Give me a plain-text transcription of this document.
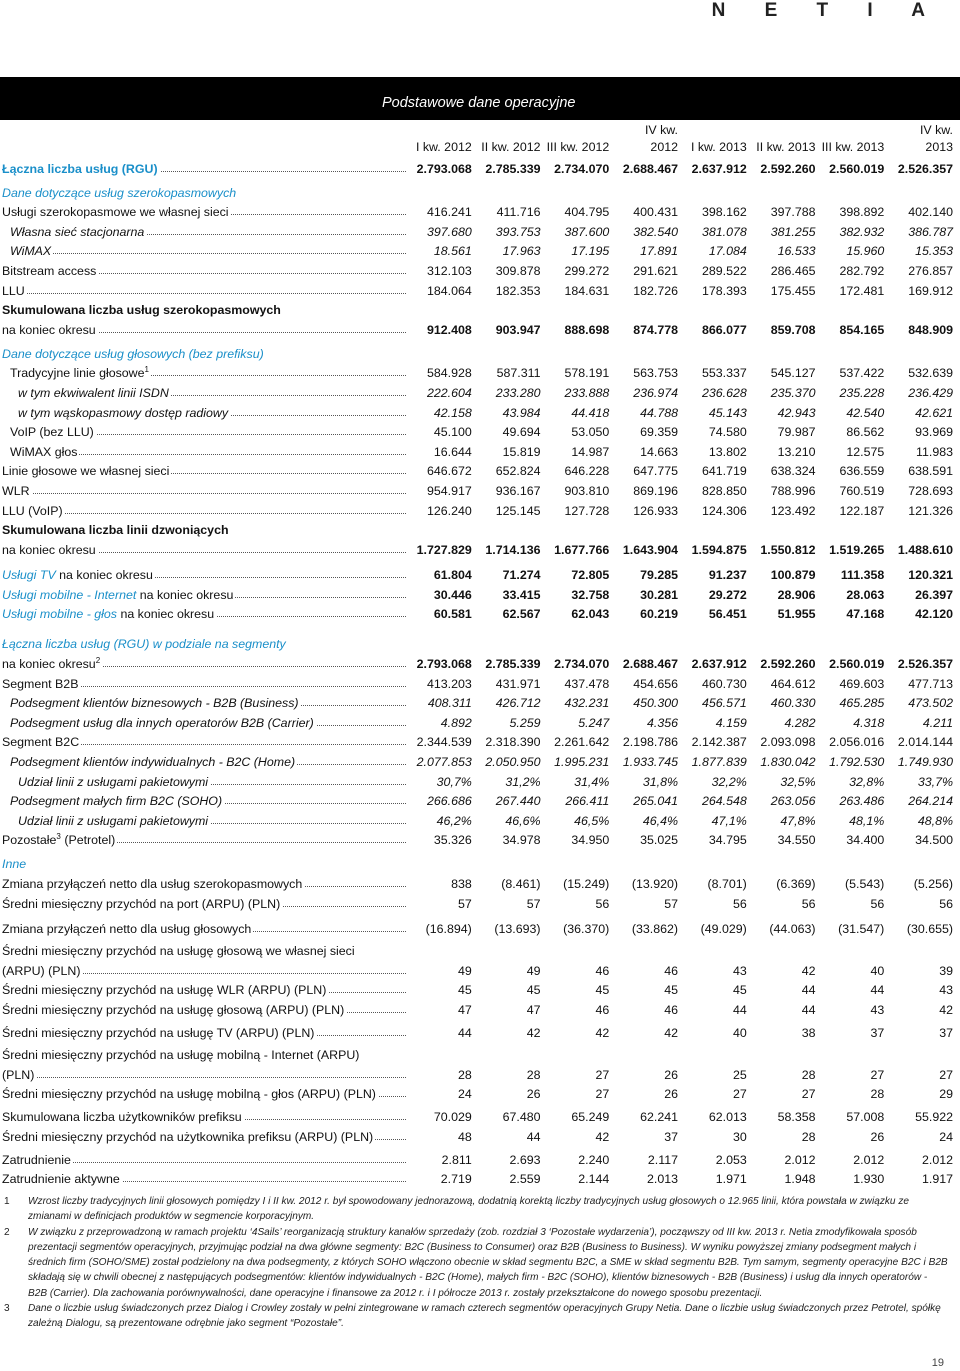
N E T I A
Podstawowe dane operacyjne
	I kw. 2012	II kw. 2012	III kw. 2012	IV kw. 2012	I kw. 2013	II kw. 2013	III kw. 2013	IV kw. 2013

Łączna liczba usług (RGU)	2.793.068	2.785.339	2.734.070	2.688.467	2.637.912	2.592.260	2.560.019	2.526.357
Dane dotyczące usług szerokopasmowych								

Usługi szerokopasmowe we własnej sieci	416.241	411.716	404.795	400.431	398.162	397.788	398.892	402.140

Własna sieć stacjonarna	397.680	393.753	387.600	382.540	381.078	381.255	382.932	386.787

WiMAX	18.561	17.963	17.195	17.891	17.084	16.533	15.960	15.353

Bitstream access	312.103	309.878	299.272	291.621	289.522	286.465	282.792	276.857

LLU	184.064	182.353	184.631	182.726	178.393	175.455	172.481	169.912
Skumulowana liczba usług szerokopasmowych								

na koniec okresu	912.408	903.947	888.698	874.778	866.077	859.708	854.165	848.909
Dane dotyczące usług głosowych (bez prefiksu)								

Tradycyjne linie głosowe$^1$	584.928	587.311	578.191	563.753	553.337	545.127	537.422	532.639

w tym ekwiwalent linii ISDN	222.604	233.280	233.888	236.974	236.628	235.370	235.228	236.429

w tym wąskopasmowy dostęp radiowy	42.158	43.984	44.418	44.788	45.143	42.943	42.540	42.621

VoIP (bez LLU)	45.100	49.694	53.050	69.359	74.580	79.987	86.562	93.969

WiMAX głos	16.644	15.819	14.987	14.663	13.802	13.210	12.575	11.983

Linie głosowe we własnej sieci	646.672	652.824	646.228	647.775	641.719	638.324	636.559	638.591

WLR	954.917	936.167	903.810	869.196	828.850	788.996	760.519	728.693

LLU (VoIP)	126.240	125.145	127.728	126.933	124.306	123.492	122.187	121.326
Skumulowana liczba linii dzwoniących								

na koniec okresu	1.727.829	1.714.136	1.677.766	1.643.904	1.594.875	1.550.812	1.519.265	1.488.610

Usługi TV na koniec okresu	61.804	71.274	72.805	79.285	91.237	100.879	111.358	120.321

Usługi mobilne - Internet na koniec okresu	30.446	33.415	32.758	30.281	29.272	28.906	28.063	26.397

Usługi mobilne - głos na koniec okresu	60.581	62.567	62.043	60.219	56.451	51.955	47.168	42.120

Łączna liczba usług (RGU) w podziale na segmenty								

na koniec okresu$^2$	2.793.068	2.785.339	2.734.070	2.688.467	2.637.912	2.592.260	2.560.019	2.526.357

Segment B2B	413.203	431.971	437.478	454.656	460.730	464.612	469.603	477.713

Podsegment klientów biznesowych - B2B (Business)	408.311	426.712	432.231	450.300	456.571	460.330	465.285	473.502

Podsegment usług dla innych operatorów B2B (Carrier)	4.892	5.259	5.247	4.356	4.159	4.282	4.318	4.211

Segment B2C	2.344.539	2.318.390	2.261.642	2.198.786	2.142.387	2.093.098	2.056.016	2.014.144

Podsegment klientów indywidualnych - B2C (Home)	2.077.853	2.050.950	1.995.231	1.933.745	1.877.839	1.830.042	1.792.530	1.749.930

Udział linii z usługami pakietowymi	30,7%	31,2%	31,4%	31,8%	32,2%	32,5%	32,8%	33,7%

Podsegment małych firm B2C (SOHO)	266.686	267.440	266.411	265.041	264.548	263.056	263.486	264.214

Udział linii z usługami pakietowymi	46,2%	46,6%	46,5%	46,4%	47,1%	47,8%	48,1%	48,8%

Pozostałe$^3$ (Petrotel)	35.326	34.978	34.950	35.025	34.795	34.550	34.400	34.500
Inne								

Zmiana przyłączeń netto dla usług szerokopasmowych	838	(8.461)	(15.249)	(13.920)	(8.701)	(6.369)	(5.543)	(5.256)

Średni miesięczny przychód na port (ARPU) (PLN)	57	57	56	57	56	56	56	56

Zmiana przyłączeń netto dla usług głosowych	(16.894)	(13.693)	(36.370)	(33.862)	(49.029)	(44.063)	(31.547)	(30.655)
Średni miesięczny przychód na usługę głosową we własnej sieci								

(ARPU) (PLN)	49	49	46	46	43	42	40	39

Średni miesięczny przychód na usługę WLR (ARPU) (PLN)	45	45	45	45	45	44	44	43

Średni miesięczny przychód na usługę głosową (ARPU) (PLN)	47	47	46	46	44	44	43	42

Średni miesięczny przychód na usługę TV (ARPU) (PLN)	44	42	42	42	40	38	37	37
Średni miesięczny przychód na usługę mobilną - Internet (ARPU)								

(PLN)	28	28	27	26	25	28	27	27

Średni miesięczny przychód na usługę mobilną - głos (ARPU) (PLN)	24	26	27	26	27	27	28	29

Skumulowana liczba użytkowników prefiksu	70.029	67.480	65.249	62.241	62.013	58.358	57.008	55.922

Średni miesięczny przychód na użytkownika prefiksu (ARPU) (PLN)	48	44	42	37	30	28	26	24

Zatrudnienie	2.811	2.693	2.240	2.117	2.053	2.012	2.012	2.012

Zatrudnienie aktywne	2.719	2.559	2.144	2.013	1.971	1.948	1.930	1.917
1	Wzrost liczby tradycyjnych linii głosowych pomiędzy I i II kw. 2012 r. był spowodowany jednorazową, dodatnią korektą liczby tradycyjnych usług głosowych o 12.965 linii, która powstała w związku ze zmianami w definicjach produktów w segmencie korporacyjnym.
2	W związku z przeprowadzoną w ramach projektu ‘4Sails’ reorganizacją struktury kanałów sprzedaży (zob. rozdział 3 ‘Pozostałe wydarzenia’), począwszy od III kw. 2013 r. Netia zmodyfikowała sposób prezentacji segmentów operacyjnych, przyjmując podział na dwa główne segmenty: B2C (Business to Consumer) oraz B2B (Business to Business). W wyniku powyższej zmiany podsegment małych i średnich firm (SOHO/SME) został podzielony na dwa podsegmenty, z których SOHO włączono obecnie w skład segmentu B2C, a SME w skład segmentu B2B. Tym samym, segmenty operacyjne B2C i B2B składają się w chwili obecnej z następujących podsegmentów: klientów indywidualnych - B2C (Home), małych firm - B2C (SOHO), klientów biznesowych - B2B (Business) i usług dla innych operatorów - B2B (Carrier). Dla zachowania porównywalności, dane operacyjne i finansowe za 2012 r. i I półrocze 2013 r. zostały przekształcone do nowego sposobu prezentacji.
3	Dane o liczbie usług świadczonych przez Dialog i Crowley zostały w pełni zintegrowane w ramach czterech segmentów operacyjnych Grupy Netia. Dane o liczbie usług świadczonych przez Petrotel, spółkę zależną Dialogu, są prezentowane odrębnie jako segment “Pozostałe”.
19
